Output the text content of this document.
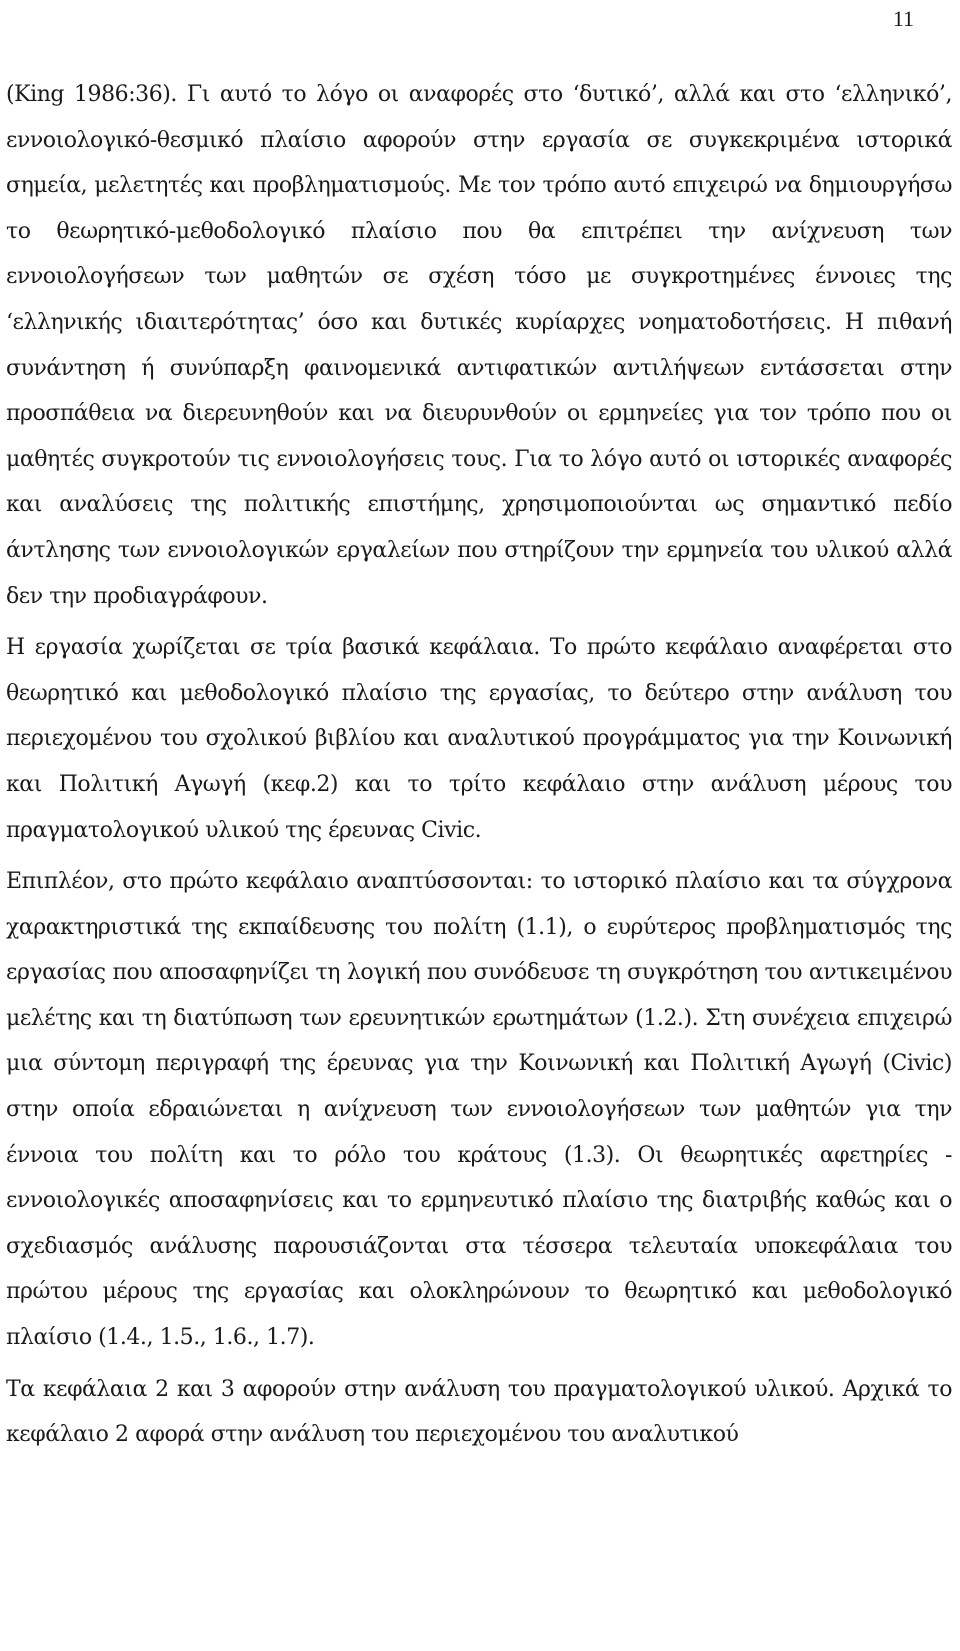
11

(King 1986:36). Γι αυτό το λόγο οι αναφορές στο ‘δυτικό’, αλλά και στο ‘ελληνικό’, εννοιολογικό-θεσμικό πλαίσιο αφορούν στην εργασία σε συγκεκριμένα ιστορικά σημεία, μελετητές και προβληματισμούς. Με τον τρόπο αυτό επιχειρώ να δημιουργήσω το θεωρητικό-μεθοδολογικό πλαίσιο που θα επιτρέπει την ανίχνευση των εννοιολογήσεων των μαθητών σε σχέση τόσο με συγκροτημένες έννοιες της ‘ελληνικής ιδιαιτερότητας’ όσο και δυτικές κυρίαρχες νοηματοδοτήσεις. Η πιθανή συνάντηση ή συνύπαρξη φαινομενικά αντιφατικών αντιλήψεων εντάσσεται στην προσπάθεια να διερευνηθούν και να διευρυνθούν οι ερμηνείες για τον τρόπο που οι μαθητές συγκροτούν τις εννοιολογήσεις τους. Για το λόγο αυτό οι ιστορικές αναφορές και αναλύσεις της πολιτικής επιστήμης, χρησιμοποιούνται ως σημαντικό πεδίο άντλησης των εννοιολογικών εργαλείων που στηρίζουν την ερμηνεία του υλικού αλλά δεν την προδιαγράφουν.

Η εργασία χωρίζεται σε τρία βασικά κεφάλαια. Το πρώτο κεφάλαιο αναφέρεται στο θεωρητικό και μεθοδολογικό πλαίσιο της εργασίας, το δεύτερο στην ανάλυση του περιεχομένου του σχολικού βιβλίου και αναλυτικού προγράμματος για την Κοινωνική και Πολιτική Αγωγή (κεφ.2) και το τρίτο κεφάλαιο στην ανάλυση μέρους του πραγματολογικού υλικού της έρευνας Civic.

Επιπλέον, στο πρώτο κεφάλαιο αναπτύσσονται: το ιστορικό πλαίσιο και τα σύγχρονα χαρακτηριστικά της εκπαίδευσης του πολίτη (1.1), ο ευρύτερος προβληματισμός της εργασίας που αποσαφηνίζει τη λογική που συνόδευσε τη συγκρότηση του αντικειμένου μελέτης και τη διατύπωση των ερευνητικών ερωτημάτων (1.2.). Στη συνέχεια επιχειρώ μια σύντομη περιγραφή της έρευνας για την Κοινωνική και Πολιτική Αγωγή (Civic) στην οποία εδραιώνεται η ανίχνευση των εννοιολογήσεων των μαθητών για την έννοια του πολίτη και το ρόλο του κράτους (1.3). Οι θεωρητικές αφετηρίες - εννοιολογικές αποσαφηνίσεις και το ερμηνευτικό πλαίσιο της διατριβής καθώς και ο σχεδιασμός ανάλυσης παρουσιάζονται στα τέσσερα τελευταία υποκεφάλαια του πρώτου μέρους της εργασίας και ολοκληρώνουν το θεωρητικό και μεθοδολογικό πλαίσιο (1.4., 1.5., 1.6., 1.7).

Τα κεφάλαια 2 και 3 αφορούν στην ανάλυση του πραγματολογικού υλικού. Αρχικά το κεφάλαιο 2 αφορά στην ανάλυση του περιεχομένου του αναλυτικού
